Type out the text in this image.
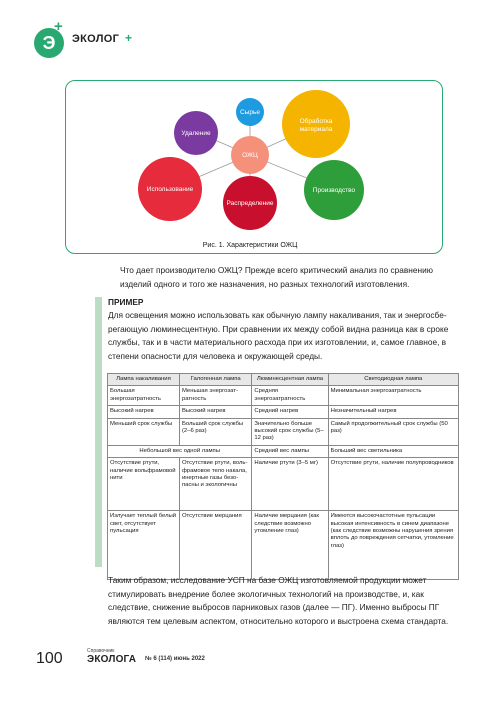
Э
+
ЭКОЛОГ +
Сырье
Обработка
материала
Производство
Распределение
Использование
Удаление
ОЖЦ
Рис. 1. Характеристики ОЖЦ
Что дает производителю ОЖЦ? Прежде всего критический анализ по сравнению изделий одного и того же назначения, но разных технологий изготовления.
ПРИМЕР
Для освещения можно использовать как обычную лампу накаливания, так и энергосберегающую люминесцентную. При сравнении их между собой видна разница как в сроке службы, так и в части материального расхода при их изготовлении, и, самое главное, в степени опасности для человека и окружающей среды.
Лампа накаливания	Галогенная лампа	Люминесцентная лампа	Светодиодная лампа
Большая энергозатратность	Меньшая энергозатратность	Средняя энергозатратность	Минимальная энергозатратность
Высокий нагрев	Высокий нагрев	Средний нагрев	Незначительный нагрев
Меньший срок службы	Больший срок службы (2–6 раз)	Значительно больше высокий срок службы (5–12 раз)	Самый продолжительный срок службы (50 раз)
Небольшой вес одной лампы		Средний вес лампы	Больший вес светильника
Отсутствие ртути, наличие вольфрамовой нити	Отсутствие ртути, вольфрамовое тело накала, инертные газы безопасны и экологичны	Наличие ртути (3–5 мг)	Отсутствие ртути, наличие полупроводников
Излучает теплый белый свет, отсутствует пульсация	Отсутствие мерцания	Наличие мерцания (как следствие возможно утомление глаз)	Имеются высокочастотные пульсации высокая интенсивность в синем диапазоне (как следствие возможны нарушения зрения вплоть до повреждения сетчатки, утомление глаз)
Таким образом, исследование УСП на базе ОЖЦ изготовляемой продукции может стимулировать внедрение более экологичных технологий на производстве, и, как следствие, снижение выбросов парниковых газов (далее — ПГ). Именно выбросы ПГ являются тем целевым аспектом, относительно которого и выстроена схема стандарта.
100	Справочник
ЭКОЛОГА № 6 (114) июнь 2022
